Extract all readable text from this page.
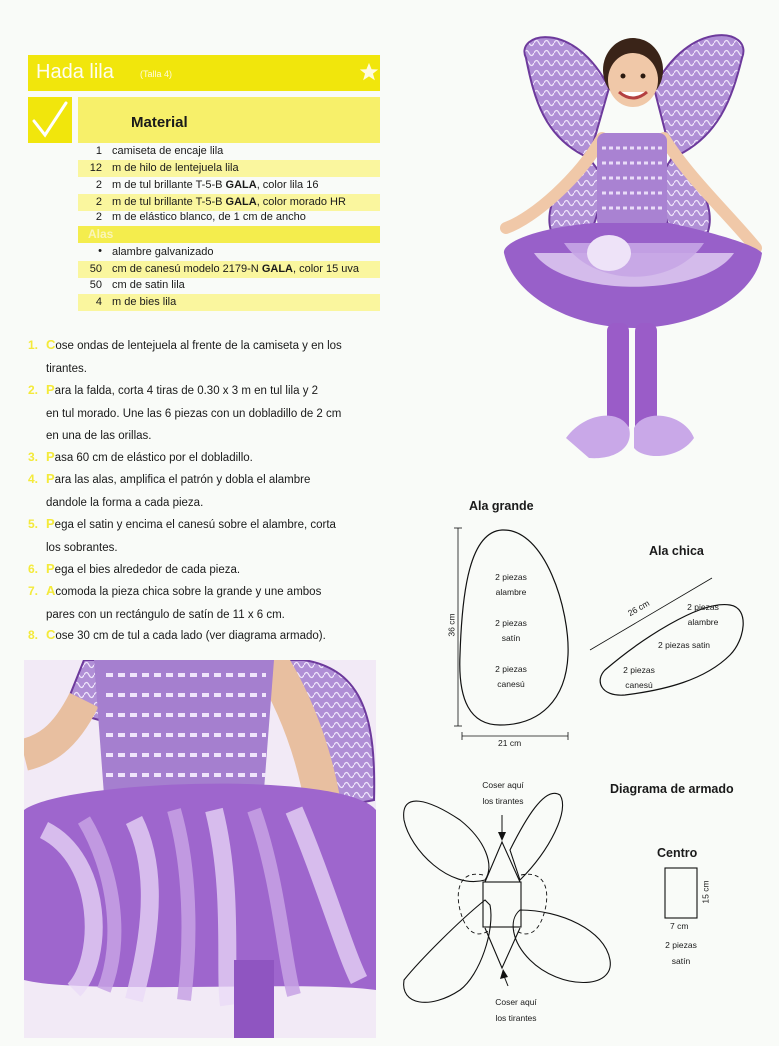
Hada lila	(Talla 4)
Material
1 camiseta de encaje lila
12 m de hilo de lentejuela lila
2 m de tul brillante T-5-B GALA, color lila 16
2 m de tul brillante T-5-B GALA, color morado HR
2 m de elástico blanco, de 1 cm de ancho
Alas
• alambre galvanizado
50 cm de canesú modelo 2179-N GALA, color 15 uva
50 cm de satin lila
4 m de bies lila
1. Cose ondas de lentejuela al frente de la camiseta y en los
tirantes.
2. Para la falda, corta 4 tiras de 0.30 x 3 m en tul lila y 2
en tul morado. Une las 6 piezas con un dobladillo de 2 cm
en una de las orillas.
3. Pasa 60 cm de elástico por el dobladillo.
4. Para las alas, amplifica el patrón y dobla el alambre
dandole la forma a cada pieza.
5. Pega el satin y encima el canesú sobre el alambre, corta
los sobrantes.
6. Pega el bies alrededor de cada pieza.
7. Acomoda la pieza chica sobre la grande y une ambos
pares con un rectángulo de satín de 11 x 6 cm.
8. Cose 30 cm de tul a cada lado (ver diagrama armado).
Ala grande
36 cm
21 cm
2 piezas
alambre
2 piezas
satín
2 piezas
canesú
Ala chica
26 cm	2 piezas
alambre
2 piezas satin
2 piezas
canesú
Diagrama de armado
Coser aquí
los tirantes
Coser aquí
los tirantes
Centro
15 cm
7 cm
2 piezas
satín
